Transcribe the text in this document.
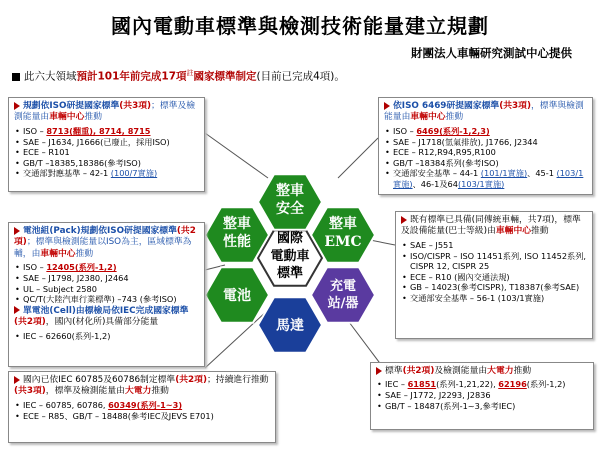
國內電動車標準與檢測技術能量建立規劃
財團法人車輛研究測試中心提供
此六大領域預計101年前完成17項$^註$國家標準制定(目前已完成4項)。
國際
電動車
標準
整車
安全
整車
性能
整車
EMC
電池
充電
站/器
馬達
規劃依ISO研提國家標準(共3項)；標準及檢測能量由車輛中心推動
• ISO – 8713(翻重), 8714, 8715
• SAE – J1634, J1666(已廢止，採用ISO)
• ECE – R101
• GB/T –18385,18386(參考ISO)
• 交通部對應基準 – 42-1 (100/7實施)
依ISO 6469研提國家標準(共3項)，標準與檢測能量由車輛中心推動
• ISO – 6469(系列-1,2,3)
• SAE – J1718(氫氣排放), J1766, J2344
• ECE – R12,R94,R95,R100
• GB/T –18384系列(參考ISO)
• 交通部安全基準 – 44-1 (101/1實施)、45-1 (103/1實施)、46-1及64(103/1實施)
既有標準已具備(同傳統車輛，共7項)，標準及設備能量(巴士等級)由車輛中心推動
• SAE – J551
• ISO/CISPR – ISO 11451系列, ISO 11452系列, CISPR 12, CISPR 25
• ECE – R10 (國內交通法規)
• GB – 14023(參考CISPR), T18387(參考SAE)
• 交通部安全基準 – 56-1 (103/1實施)
電池組(Pack)規劃依ISO研提國家標準(共2項)；標準與檢測能量以ISO為主，區域標準為輔，由車輛中心推動
• ISO – 12405(系列-1,2)
• SAE – J1798, J2380, J2464
• UL – Subject 2580
• QC/T(大陸汽車行業標準) –743 (參考ISO)
單電池(Cell)由標檢局依IEC完成國家標準(共2項)，國內(材化所)具備部分能量
• IEC – 62660(系列-1,2)
標準(共2項)及檢測能量由大電力推動
• IEC – 61851(系列-1,21,22), 62196(系列-1,2)
• SAE – J1772, J2293, J2836
• GB/T – 18487(系列-1~3,參考IEC)
國內已依IEC 60785及60786制定標準(共2項)；持續進行推動(共3項)，標準及檢測能量由大電力推動
• IEC – 60785, 60786, 60349(系列-1~3)
• ECE – R85、GB/T – 18488(參考IEC及JEVS E701)
